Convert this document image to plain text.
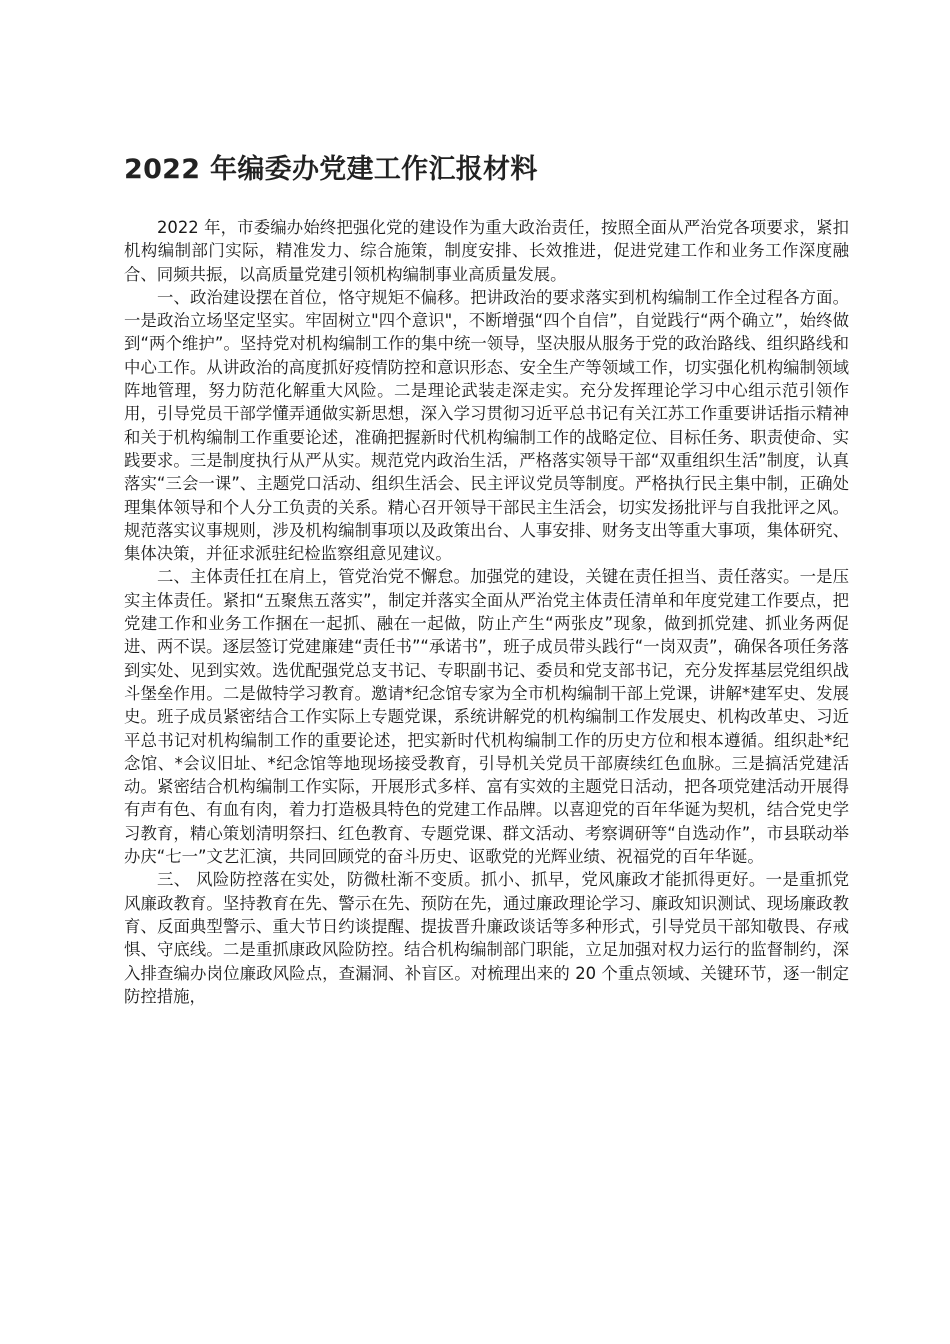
2022 年编委办党建工作汇报材料

2022 年，市委编办始终把强化党的建设作为重大政治责任，按照全面从严治党各项要求，紧扣机构编制部门实际，精准发力、综合施策，制度安排、长效推进，促进党建工作和业务工作深度融合、同频共振，以高质量党建引领机构编制事业高质量发展。

一、政治建设摆在首位，恪守规矩不偏移。把讲政治的要求落实到机构编制工作全过程各方面。一是政治立场坚定坚实。牢固树立"四个意识"，不断增强“四个自信”，自觉践行“两个确立”，始终做到“两个维护”。坚持党对机构编制工作的集中统一领导，坚决服从服务于党的政治路线、组织路线和中心工作。从讲政治的高度抓好疫情防控和意识形态、安全生产等领域工作，切实强化机构编制领域阵地管理，努力防范化解重大风险。二是理论武装走深走实。充分发挥理论学习中心组示范引领作用，引导党员干部学懂弄通做实新思想，深入学习贯彻习近平总书记有关江苏工作重要讲话指示精神和关于机构编制工作重要论述，准确把握新时代机构编制工作的战略定位、目标任务、职责使命、实践要求。三是制度执行从严从实。规范党内政治生活，严格落实领导干部“双重组织生活”制度，认真落实“三会一课”、主题党口活动、组织生活会、民主评议党员等制度。严格执行民主集中制，正确处理集体领导和个人分工负责的关系。精心召开领导干部民主生活会，切实发扬批评与自我批评之风。规范落实议事规则，涉及机构编制事项以及政策出台、人事安排、财务支出等重大事项，集体研究、集体决策，并征求派驻纪检监察组意见建议。

二、主体责任扛在肩上，管党治党不懈怠。加强党的建设，关键在责任担当、责任落实。一是压实主体责任。紧扣“五聚焦五落实”，制定并落实全面从严治党主体责任清单和年度党建工作要点，把党建工作和业务工作捆在一起抓、融在一起做，防止产生“两张皮”现象，做到抓党建、抓业务两促进、两不误。逐层签订党建廉建“责任书”“承诺书”，班子成员带头践行“一岗双责”，确保各项任务落到实处、见到实效。选优配强党总支书记、专职副书记、委员和党支部书记，充分发挥基层党组织战斗堡垒作用。二是做特学习教育。邀请*纪念馆专家为全市机构编制干部上党课，讲解*建军史、发展史。班子成员紧密结合工作实际上专题党课，系统讲解党的机构编制工作发展史、机构改革史、习近平总书记对机构编制工作的重要论述，把实新时代机构编制工作的历史方位和根本遵循。组织赴*纪念馆、*会议旧址、*纪念馆等地现场接受教育，引导机关党员干部赓续红色血脉。三是搞活党建活动。紧密结合机构编制工作实际，开展形式多样、富有实效的主题党日活动，把各项党建活动开展得有声有色、有血有肉，着力打造极具特色的党建工作品牌。以喜迎党的百年华诞为契机，结合党史学习教育，精心策划清明祭扫、红色教育、专题党课、群文活动、考察调研等“自选动作”，市县联动举办庆“七一”文艺汇演，共同回顾党的奋斗历史、讴歌党的光辉业绩、祝福党的百年华诞。

三、 风险防控落在实处，防微杜渐不变质。抓小、抓早，党风廉政才能抓得更好。一是重抓党风廉政教育。坚持教育在先、警示在先、预防在先，通过廉政理论学习、廉政知识测试、现场廉政教育、反面典型警示、重大节日约谈提醒、提拔晋升廉政谈话等多种形式，引导党员干部知敬畏、存戒惧、守底线。二是重抓康政风险防控。结合机构编制部门职能，立足加强对权力运行的监督制约，深入排查编办岗位廉政风险点，查漏洞、补盲区。对梳理出来的 20 个重点领域、关键环节，逐一制定防控措施，
